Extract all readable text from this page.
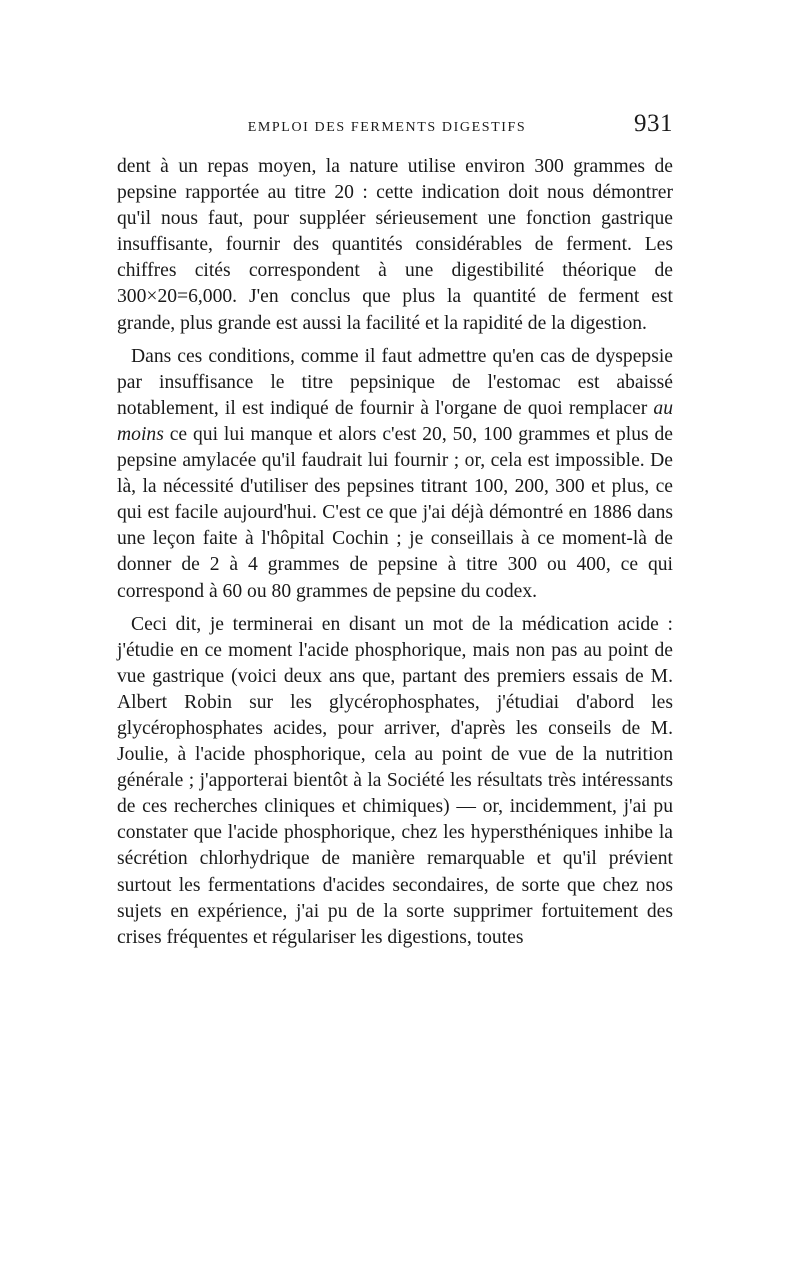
EMPLOI DES FERMENTS DIGESTIFS	931

dent à un repas moyen, la nature utilise environ 300 grammes de pepsine rapportée au titre 20 : cette indication doit nous démontrer qu'il nous faut, pour suppléer sérieusement une fonction gastrique insuffisante, fournir des quantités considérables de ferment. Les chiffres cités correspondent à une digestibilité théorique de 300×20=6,000. J'en conclus que plus la quantité de ferment est grande, plus grande est aussi la facilité et la rapidité de la digestion.

Dans ces conditions, comme il faut admettre qu'en cas de dyspepsie par insuffisance le titre pepsinique de l'estomac est abaissé notablement, il est indiqué de fournir à l'organe de quoi remplacer au moins ce qui lui manque et alors c'est 20, 50, 100 grammes et plus de pepsine amylacée qu'il faudrait lui fournir ; or, cela est impossible. De là, la nécessité d'utiliser des pepsines titrant 100, 200, 300 et plus, ce qui est facile aujourd'hui. C'est ce que j'ai déjà démontré en 1886 dans une leçon faite à l'hôpital Cochin ; je conseillais à ce moment-là de donner de 2 à 4 grammes de pepsine à titre 300 ou 400, ce qui correspond à 60 ou 80 grammes de pepsine du codex.

Ceci dit, je terminerai en disant un mot de la médication acide : j'étudie en ce moment l'acide phosphorique, mais non pas au point de vue gastrique (voici deux ans que, partant des premiers essais de M. Albert Robin sur les glycérophosphates, j'étudiai d'abord les glycérophosphates acides, pour arriver, d'après les conseils de M. Joulie, à l'acide phosphorique, cela au point de vue de la nutrition générale ; j'apporterai bientôt à la Société les résultats très intéressants de ces recherches cliniques et chimiques) — or, incidemment, j'ai pu constater que l'acide phosphorique, chez les hypersthéniques inhibe la sécrétion chlorhydrique de manière remarquable et qu'il prévient surtout les fermentations d'acides secondaires, de sorte que chez nos sujets en expérience, j'ai pu de la sorte supprimer fortuitement des crises fréquentes et régulariser les digestions, toutes
